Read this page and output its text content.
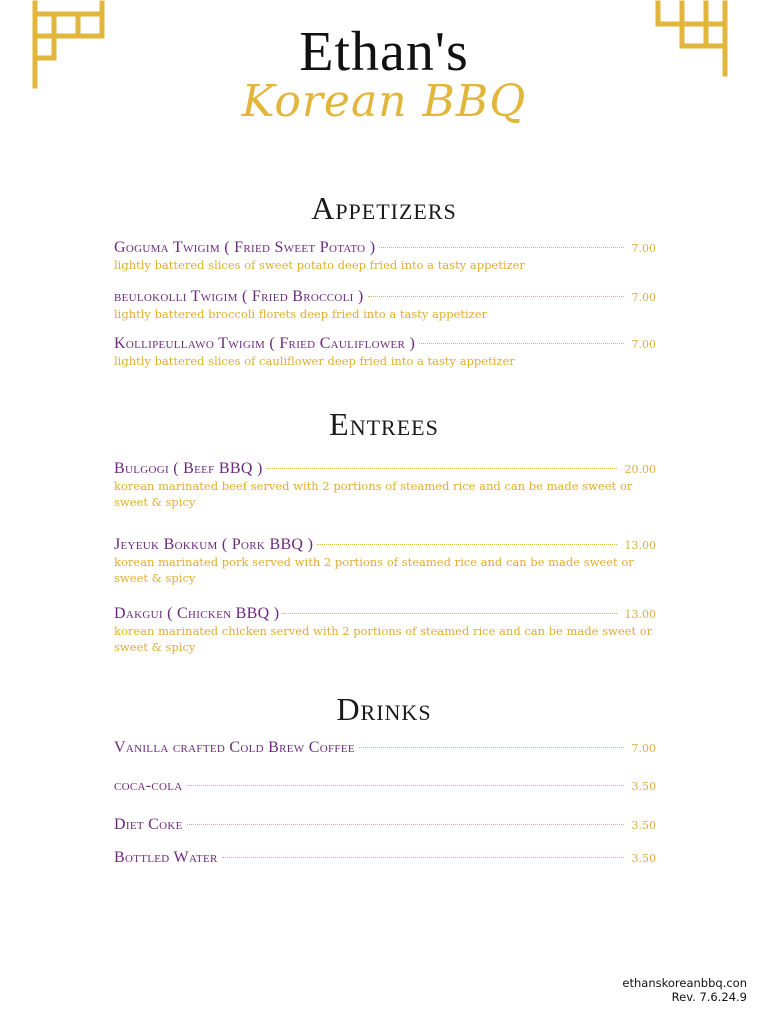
Ethan's
Korean BBQ
Appetizers
Goguma Twigim ( Fried Sweet Potato )	7.00
lightly battered slices of sweet potato deep fried into a tasty appetizer
beulokolli Twigim ( Fried Broccoli )	7.00
lightly battered broccoli florets deep fried into a tasty appetizer
Kollipeullawo Twigim ( Fried Cauliflower )	7.00
lightly battered slices of cauliflower deep fried into a tasty appetizer
Entrees
Bulgogi ( Beef BBQ )	20.00
korean marinated beef served with 2 portions of steamed rice and can be made sweet or sweet & spicy
Jeyeuk Bokkum ( Pork BBQ )	13.00
korean marinated pork served with 2 portions of steamed rice and can be made sweet or sweet & spicy
Dakgui ( Chicken BBQ )	13.00
korean marinated chicken served with 2 portions of steamed rice and can be made sweet or sweet & spicy
Drinks
Vanilla crafted Cold Brew Coffee	7.00
coca-cola	3.50
Diet Coke	3.50
Bottled Water	3.50
ethanskoreanbbq.con
Rev. 7.6.24.9
